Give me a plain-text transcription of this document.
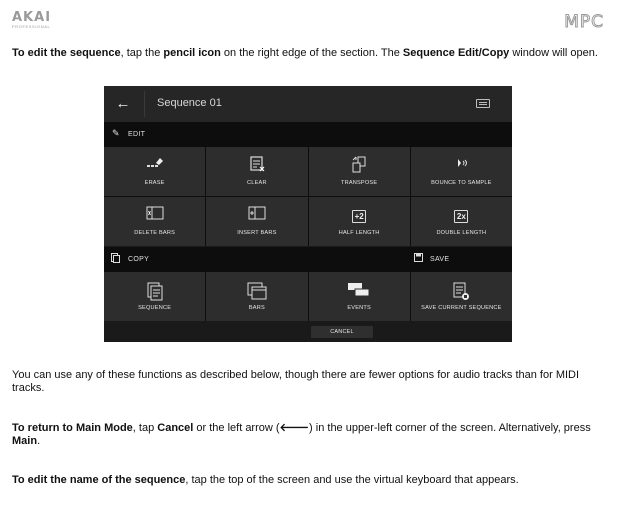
AKAI
PROFESSIONAL	MPC

To edit the sequence, tap the pencil icon on the right edge of the section. The Sequence Edit/Copy window will open.

←	Sequence 01
✎ EDIT
ERASE	CLEAR	TRANSPOSE	BOUNCE TO SAMPLE
DELETE BARS	INSERT BARS
+2
HALF LENGTH
2x
DOUBLE LENGTH
COPY	SAVE
SEQUENCE	BARS	EVENTS	SAVE CURRENT SEQUENCE
CANCEL

You can use any of these functions as described below, though there are fewer options for audio tracks than for MIDI tracks.

To return to Main Mode, tap Cancel or the left arrow (🡐) in the upper-left corner of the screen. Alternatively, press Main.

To edit the name of the sequence, tap the top of the screen and use the virtual keyboard that appears.
